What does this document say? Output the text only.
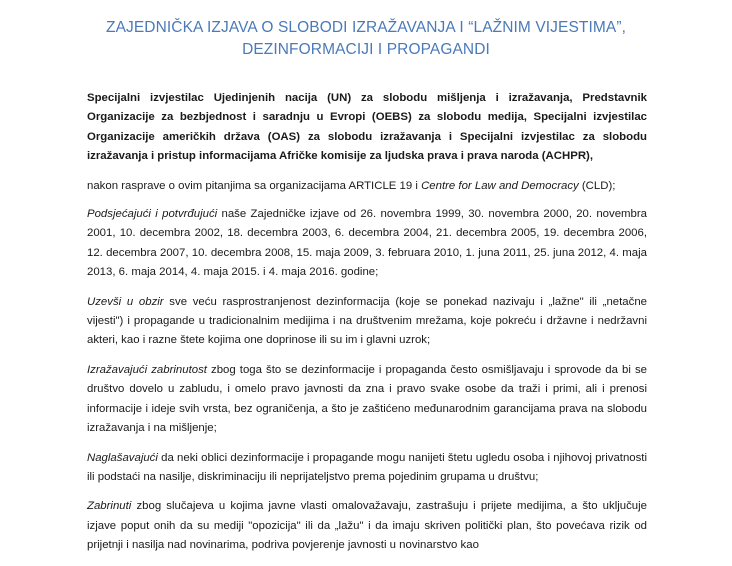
ZAJEDNIČKA IZJAVA O SLOBODI IZRAŽAVANJA I “LAŽNIM VIJESTIMA”,
DEZINFORMACIJI I PROPAGANDI

Specijalni izvjestilac Ujedinjenih nacija (UN) za slobodu mišljenja i izražavanja, Predstavnik Organizacije za bezbjednost i saradnju u Evropi (OEBS) za slobodu medija, Specijalni izvjestilac Organizacije američkih država (OAS) za slobodu izražavanja i Specijalni izvjestilac za slobodu izražavanja i pristup informacijama Afričke komisije za ljudska prava i prava naroda (ACHPR),

nakon rasprave o ovim pitanjima sa organizacijama ARTICLE 19 i Centre for Law and Democracy (CLD);

Podsjećajući i potvrđujući naše Zajedničke izjave od 26. novembra 1999, 30. novembra 2000, 20. novembra 2001, 10. decembra 2002, 18. decembra 2003, 6. decembra 2004, 21. decembra 2005, 19. decembra 2006, 12. decembra 2007, 10. decembra 2008, 15. maja 2009, 3. februara 2010, 1. juna 2011, 25. juna 2012, 4. maja 2013, 6. maja 2014, 4. maja 2015. i 4. maja 2016. godine;

Uzevši u obzir sve veću rasprostranjenost dezinformacija (koje se ponekad nazivaju i „lažne" ili „netačne vijesti") i propagande u tradicionalnim medijima i na društvenim mrežama, koje pokreću i državne i nedržavni akteri, kao i razne štete kojima one doprinose ili su im i glavni uzrok;

Izražavajući zabrinutost zbog toga što se dezinformacije i propaganda često osmišljavaju i sprovode da bi se društvo dovelo u zabludu, i omelo pravo javnosti da zna i pravo svake osobe da traži i primi, ali i prenosi informacije i ideje svih vrsta, bez ograničenja, a što je zaštićeno međunarodnim garancijama prava na slobodu izražavanja i na mišljenje;

Naglašavajući da neki oblici dezinformacije i propagande mogu nanijeti štetu ugledu osoba i njihovoj privatnosti ili podstaći na nasilje, diskriminaciju ili neprijateljstvo prema pojedinim grupama u društvu;

Zabrinuti zbog slučajeva u kojima javne vlasti omalovažavaju, zastrašuju i prijete medijima, a što uključuje izjave poput onih da su mediji "opozicija" ili da „lažu" i da imaju skriven politički plan, što povećava rizik od prijetnji i nasilja nad novinarima, podriva povjerenje javnosti u novinarstvo kao
